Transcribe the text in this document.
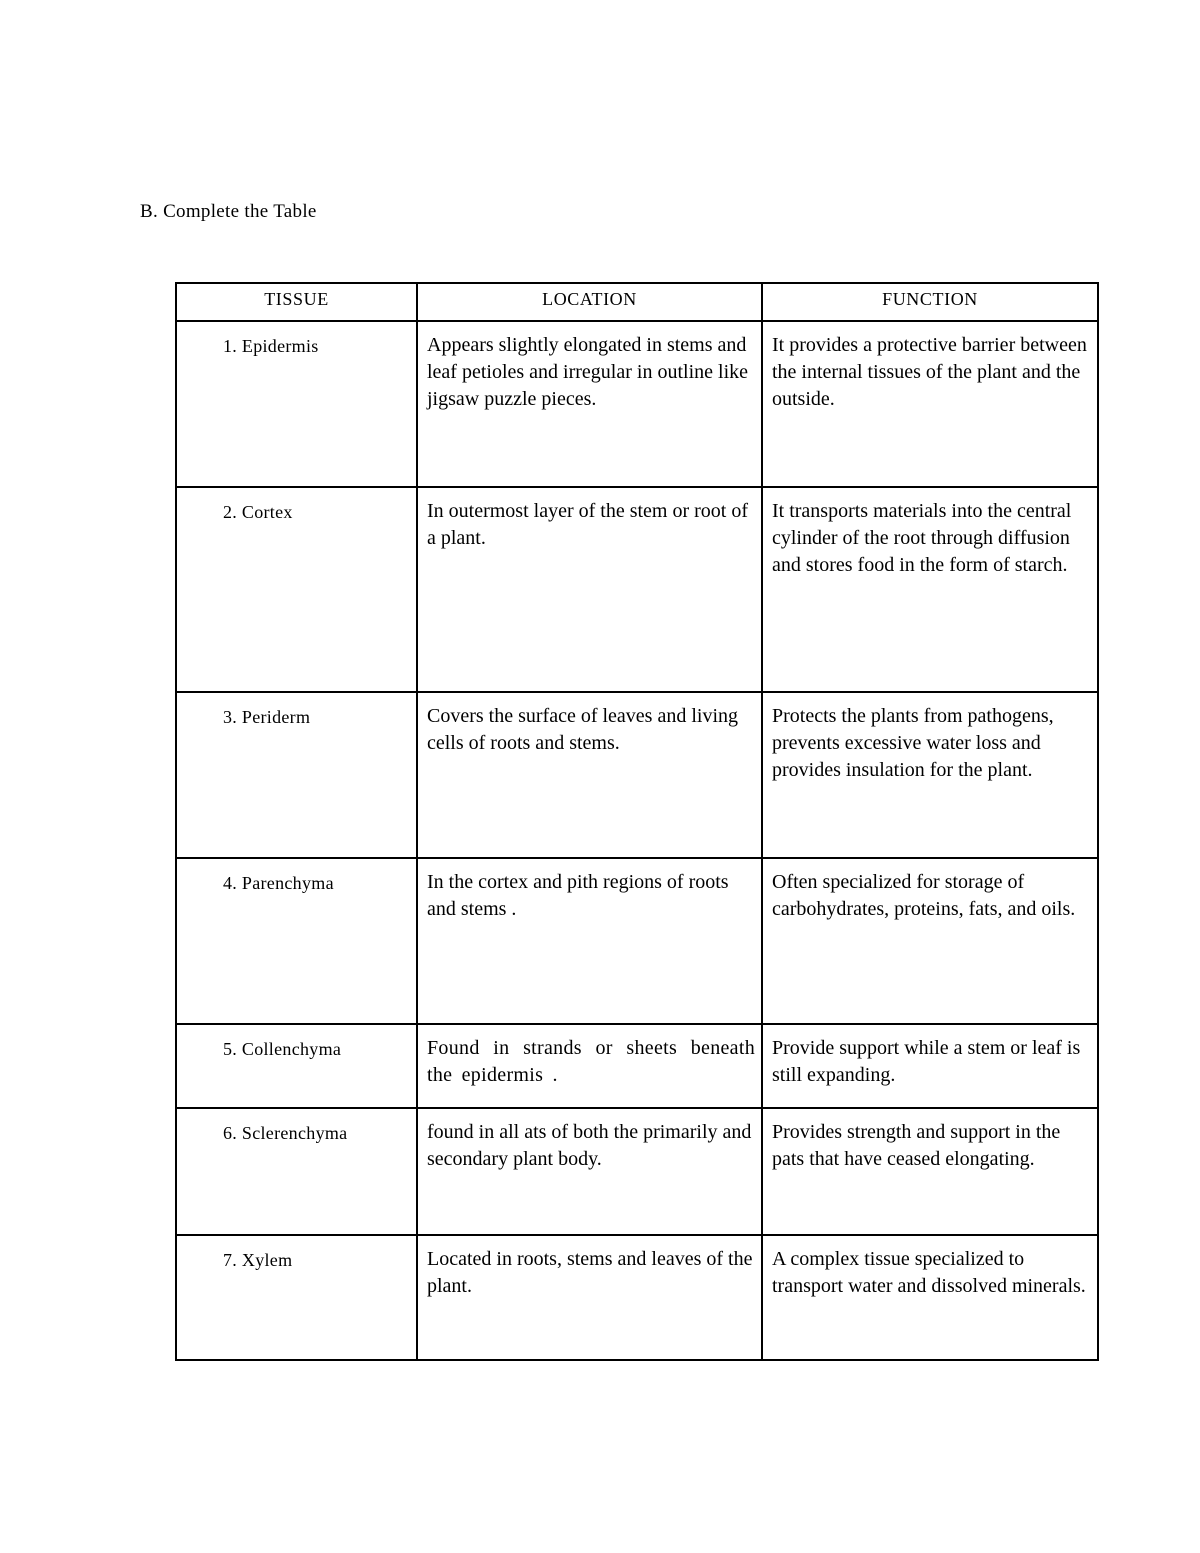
B. Complete the Table
TISSUE	LOCATION	FUNCTION
1. Epidermis	Appears slightly elongated in stems and leaf petioles and irregular in outline like jigsaw puzzle pieces.	It provides a protective barrier between the internal tissues of the plant and the outside.
2. Cortex	In outermost layer of the stem or root of a plant.	It transports materials into the central cylinder of the root through diffusion and stores food in the form of starch.
3. Periderm	Covers the surface of leaves and living cells of roots and stems.	Protects the plants from pathogens, prevents excessive water loss and provides insulation for the plant.
4. Parenchyma	In the cortex and pith regions of roots and stems .	Often specialized for storage of carbohydrates, proteins, fats, and oils.
5. Collenchyma	Found in strands or sheets beneath the epidermis .	Provide support while a stem or leaf is still expanding.
6. Sclerenchyma	found in all ats of both the primarily and secondary plant body.	Provides strength and support in the pats that have ceased elongating.
7. Xylem	Located in roots, stems and leaves of the plant.	A complex tissue specialized to transport water and dissolved minerals.
